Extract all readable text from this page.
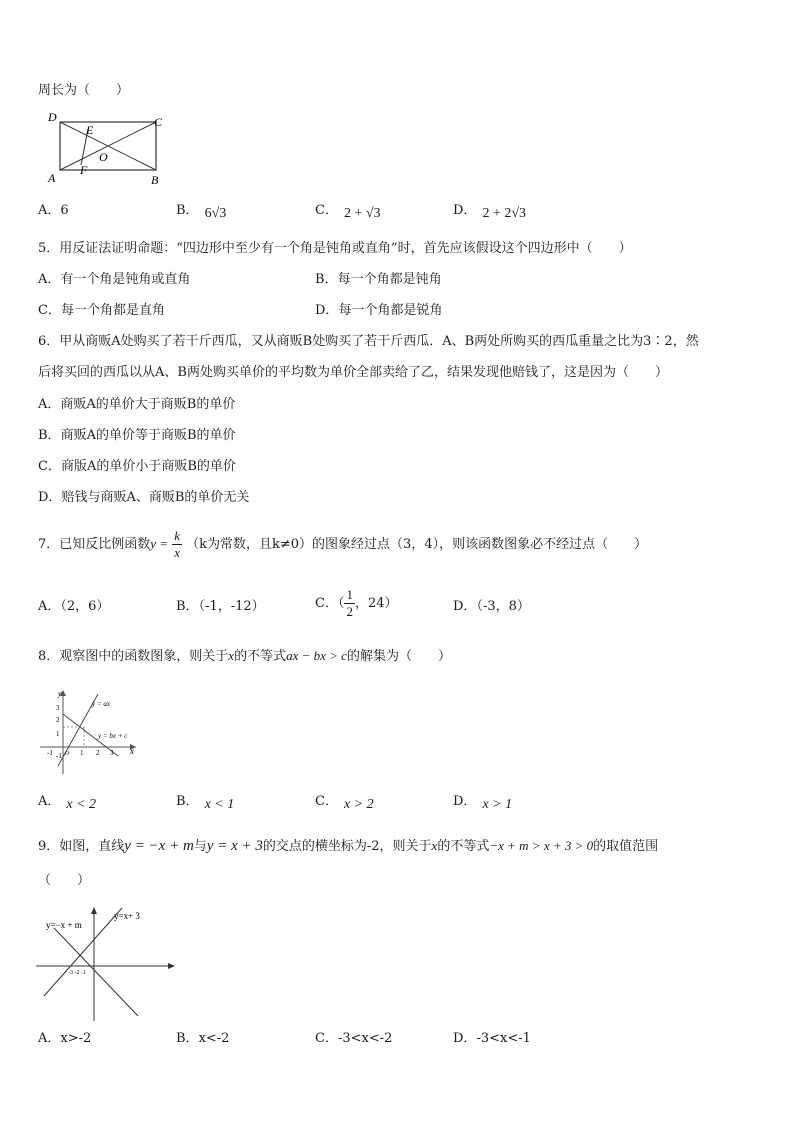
周长为（　　）
D	C
E
O
A
F
B
A．6	B． 6√3	C． 2 + √3	D． 2 + 2√3
5．用反证法证明命题：“四边形中至少有一个角是钝角或直角”时，首先应该假设这个四边形中（　　）
A．有一个角是钝角或直角	B．每一个角都是钝角
C．每一个角都是直角	D．每一个角都是锐角
6．甲从商贩A处购买了若干斤西瓜，又从商贩B处购买了若干斤西瓜．A、B两处所购买的西瓜重量之比为3∶2，然
后将买回的西瓜以从A、B两处购买单价的平均数为单价全部卖给了乙，结果发现他赔钱了，这是因为（　　）
A．商贩A的单价大于商贩B的单价
B．商贩A的单价等于商贩B的单价
C．商版A的单价小于商贩B的单价
D．赔钱与商贩A、商贩B的单价无关
7．已知反比例函数$y = \frac{k}{x} (k$为常数，且k≠0）的图象经过点（3，4），则该函数图象必不经过点（　　）
A．（2，6）	B．（-1，-12）	C．（ $\frac{1}{2}$ ，24）	D．（-3，8）
8．观察图中的函数图象，则关于x的不等式ax − bx > c的解集为（　　）
y
x
y = ax
y = bx + c
3
2
1
-1
-1	1 2 3
O
A． x < 2	B． x < 1	C． x > 2	D． x > 1
9．如图，直线y = −x + m与y = x + 3的交点的横坐标为-2，则关于x的不等式−x + m > x + 3 > 0的取值范围
（　　）
y=−x + m
y=x+ 3
-3 -2 -1
A．x>-2	B．x<-2	C．-3<x<-2	D．-3<x<-1
